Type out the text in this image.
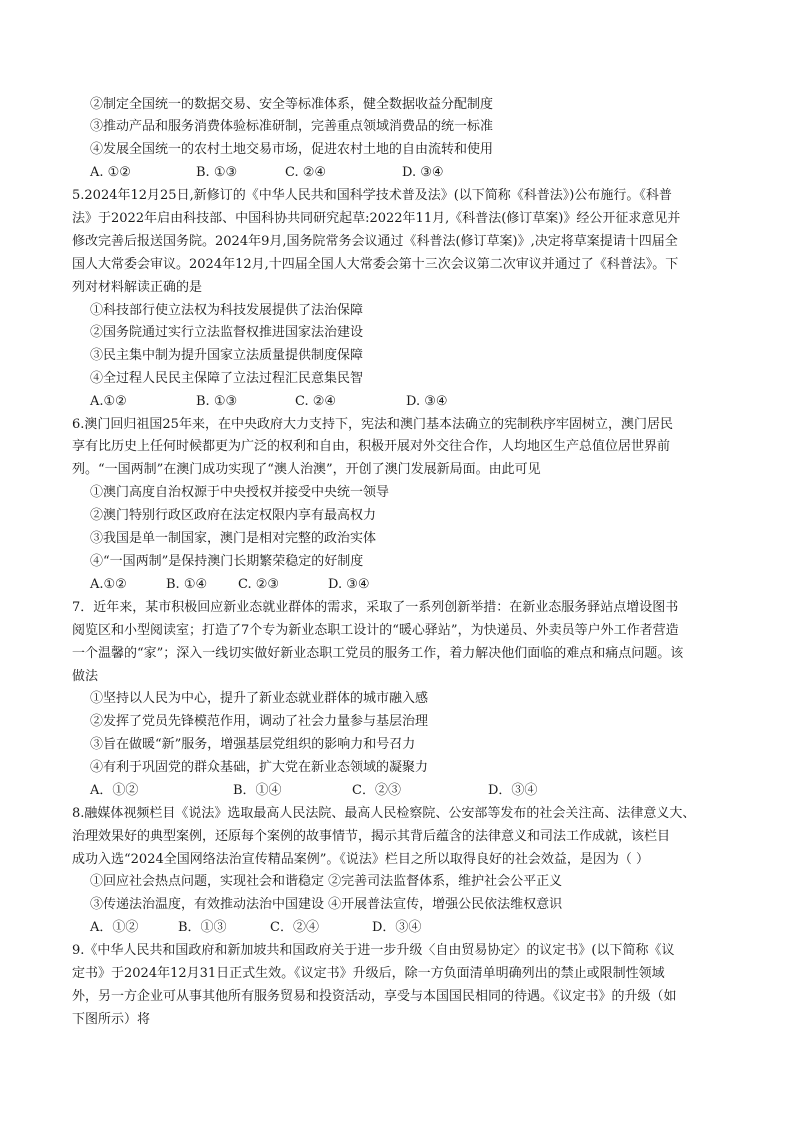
②制定全国统一的数据交易、安全等标准体系，健全数据收益分配制度
③推动产品和服务消费体验标准研制，完善重点领域消费品的统一标准
④发展全国统一的农村土地交易市场，促进农村土地的自由流转和使用
A. ①②	B. ①③	C. ②④	D. ③④
5.2024年12月25日,新修订的《中华人民共和国科学技术普及法》(以下简称《科普法》)公布施行。《科普
法》于2022年启由科技部、中国科协共同研究起草:2022年11月,《科普法(修订草案)》经公开征求意见并
修改完善后报送国务院。2024年9月,国务院常务会议通过《科普法(修订草案)》,决定将草案提请十四届全
国人大常委会审议。2024年12月,十四届全国人大常委会第十三次会议第二次审议并通过了《科普法》。下
列对材料解读正确的是
①科技部行使立法权为科技发展提供了法治保障
②国务院通过实行立法监督权推进国家法治建设
③民主集中制为提升国家立法质量提供制度保障
④全过程人民民主保障了立法过程汇民意集民智
A.①②	B. ①③	C. ②④	D. ③④
6.澳门回归祖国25年来，在中央政府大力支持下，宪法和澳门基本法确立的宪制秩序牢固树立，澳门居民
享有比历史上任何时候都更为广泛的权利和自由，积极开展对外交往合作，人均地区生产总值位居世界前
列。“一国两制”在澳门成功实现了“澳人治澳”，开创了澳门发展新局面。由此可见
①澳门高度自治权源于中央授权并接受中央统一领导
②澳门特别行政区政府在法定权限内享有最高权力
③我国是单一制国家，澳门是相对完整的政治实体
④“一国两制”是保持澳门长期繁荣稳定的好制度
A.①②	B. ①④ C. ②③	D. ③④
7．近年来，某市积极回应新业态就业群体的需求，采取了一系列创新举措：在新业态服务驿站点增设图书
阅览区和小型阅读室；打造了7个专为新业态职工设计的“暖心驿站”，为快递员、外卖员等户外工作者营造
一个温馨的“家”；深入一线切实做好新业态职工党员的服务工作，着力解决他们面临的难点和痛点问题。该
做法
①坚持以人民为中心，提升了新业态就业群体的城市融入感
②发挥了党员先锋模范作用，调动了社会力量参与基层治理
③旨在做暖“新”服务，增强基层党组织的影响力和号召力
④有利于巩固党的群众基础，扩大党在新业态领域的凝聚力
A．①②	B．①④	C．②③	D．③④
8.融媒体视频栏目《说法》选取最高人民法院、最高人民检察院、公安部等发布的社会关注高、法律意义大、
治理效果好的典型案例，还原每个案例的故事情节，揭示其背后蕴含的法律意义和司法工作成就，该栏目
成功入选“2024全国网络法治宣传精品案例”。《说法》栏目之所以取得良好的社会效益，是因为（ ）
①回应社会热点问题，实现社会和谐稳定 ②完善司法监督体系，维护社会公平正义
③传递法治温度，有效推动法治中国建设 ④开展普法宣传，增强公民依法维权意识
A．①②	B．①③	C．②④	D．③④
9.《中华人民共和国政府和新加坡共和国政府关于进一步升级〈自由贸易协定〉的议定书》(以下简称《议
定书》于2024年12月31日正式生效。《议定书》升级后，除一方负面清单明确列出的禁止或限制性领域
外，另一方企业可从事其他所有服务贸易和投资活动，享受与本国国民相同的待遇。《议定书》的升级（如
下图所示）将
